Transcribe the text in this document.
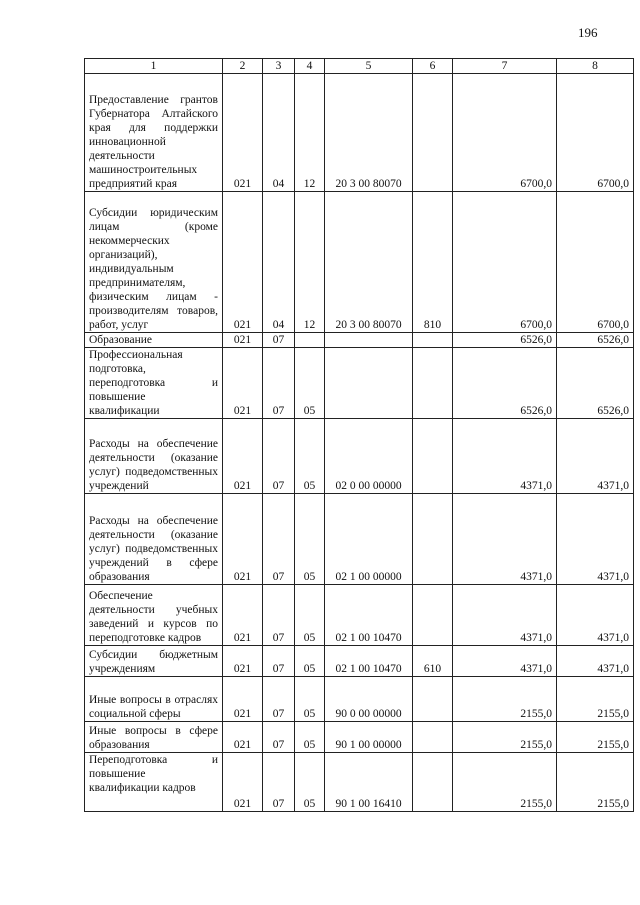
196
1	2	3	4	5	6	7	8
Предоставление грантов Губернатора Алтайского края для поддержки инновационной деятельности машиностроительных предприятий края	021	04	12	20 3 00 80070		6700,0	6700,0
Субсидии юридическим лицам (кроме некоммерческих организаций), индивидуальным предпринимателям, физическим лицам - производителям товаров, работ, услуг	021	04	12	20 3 00 80070	810	6700,0	6700,0
Образование	021	07				6526,0	6526,0
Профессиональная подготовка, переподготовка и повышение квалификации	021	07	05			6526,0	6526,0
Расходы на обеспечение деятельности (оказание услуг) подведомственных учреждений	021	07	05	02 0 00 00000		4371,0	4371,0
Расходы на обеспечение деятельности (оказание услуг) подведомственных учреждений в сфере образования	021	07	05	02 1 00 00000		4371,0	4371,0
Обеспечение деятельности учебных заведений и курсов по переподготовке кадров	021	07	05	02 1 00 10470		4371,0	4371,0
Субсидии бюджетным учреждениям	021	07	05	02 1 00 10470	610	4371,0	4371,0
Иные вопросы в отраслях социальной сферы	021	07	05	90 0 00 00000		2155,0	2155,0
Иные вопросы в сфере образования	021	07	05	90 1 00 00000		2155,0	2155,0
Переподготовка и повышение квалификации кадров	021	07	05	90 1 00 16410		2155,0	2155,0
